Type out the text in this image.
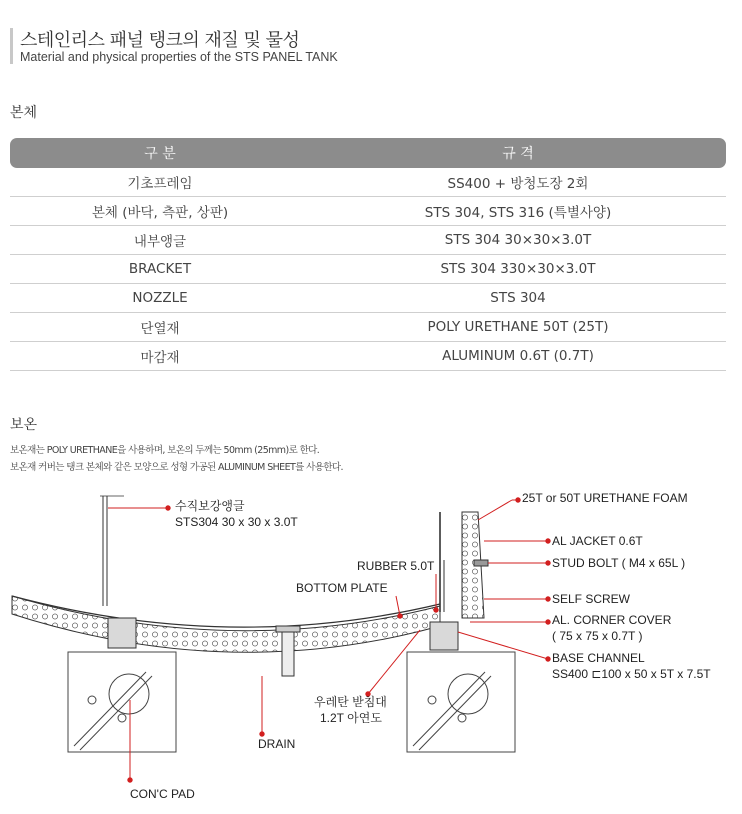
스테인리스 패널 탱크의 재질 및 물성
Material and physical properties of the STS PANEL TANK
본체
구 분	규 격
기초프레임	SS400 + 방청도장 2회
본체 (바닥, 측판, 상판)	STS 304, STS 316 (특별사양)
내부앵글	STS 304 30×30×3.0T
BRACKET	STS 304 330×30×3.0T
NOZZLE	STS 304
단열재	POLY URETHANE 50T (25T)
마감재	ALUMINUM 0.6T (0.7T)
보온
보온재는 POLY URETHANE을 사용하며, 보온의 두께는 50mm (25mm)로 한다.
보온재 커버는 탱크 본체와 같은 모양으로 성형 가공된 ALUMINUM SHEET를 사용한다.
수직보강앵글
STS304 30 x 30 x 3.0T
RUBBER 5.0T
BOTTOM PLATE
25T or 50T URETHANE FOAM
AL JACKET 0.6T
STUD BOLT ( M4 x 65L )
SELF SCREW
AL. CORNER COVER
( 75 x 75 x 0.7T )
BASE CHANNEL
SS400 ⊏100 x 50 x 5T x 7.5T
우레탄 받침대
1.2T 아연도
DRAIN
CON'C PAD
